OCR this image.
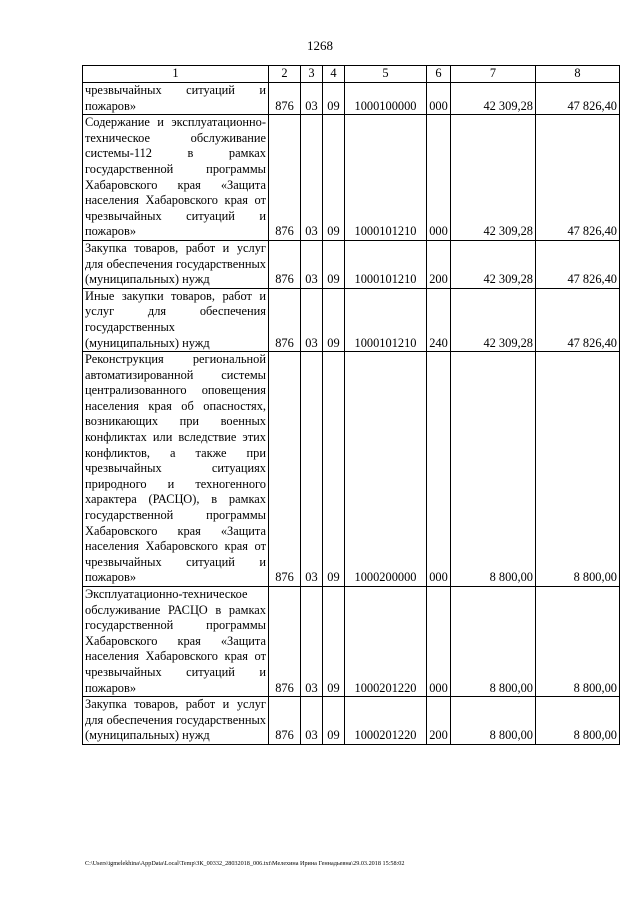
1268
1	2	3	4	5	6	7	8
чрезвычайных ситуаций и пожаров»	876	03	09	1000100000	000	42 309,28	47 826,40
Содержание и эксплуатационно-техническое обслуживание системы-112 в рамках государственной программы Хабаровского края «Защита населения Хабаровского края от чрезвычайных ситуаций и пожаров»	876	03	09	1000101210	000	42 309,28	47 826,40
Закупка товаров, работ и услуг для обеспечения государственных (муниципальных) нужд	876	03	09	1000101210	200	42 309,28	47 826,40
Иные закупки товаров, работ и услуг для обеспечения государственных (муниципальных) нужд	876	03	09	1000101210	240	42 309,28	47 826,40
Реконструкция региональной автоматизированной системы централизованного оповещения населения края об опасностях, возникающих при военных конфликтах или вследствие этих конфликтов, а также при чрезвычайных ситуациях природного и техногенного характера (РАСЦО), в рамках государственной программы Хабаровского края «Защита населения Хабаровского края от чрезвычайных ситуаций и пожаров»	876	03	09	1000200000	000	8 800,00	8 800,00
Эксплуатационно-техническое обслуживание РАСЦО в рамках государственной программы Хабаровского края «Защита населения Хабаровского края от чрезвычайных ситуаций и пожаров»	876	03	09	1000201220	000	8 800,00	8 800,00
Закупка товаров, работ и услуг для обеспечения государственных (муниципальных) нужд	876	03	09	1000201220	200	8 800,00	8 800,00
C:\Users\igmelekhina\AppData\Local\Temp\ЗК_00332_28032018_006.txt\Мелехина Ирина Геннадьевна\29.03.2018 15:58:02
